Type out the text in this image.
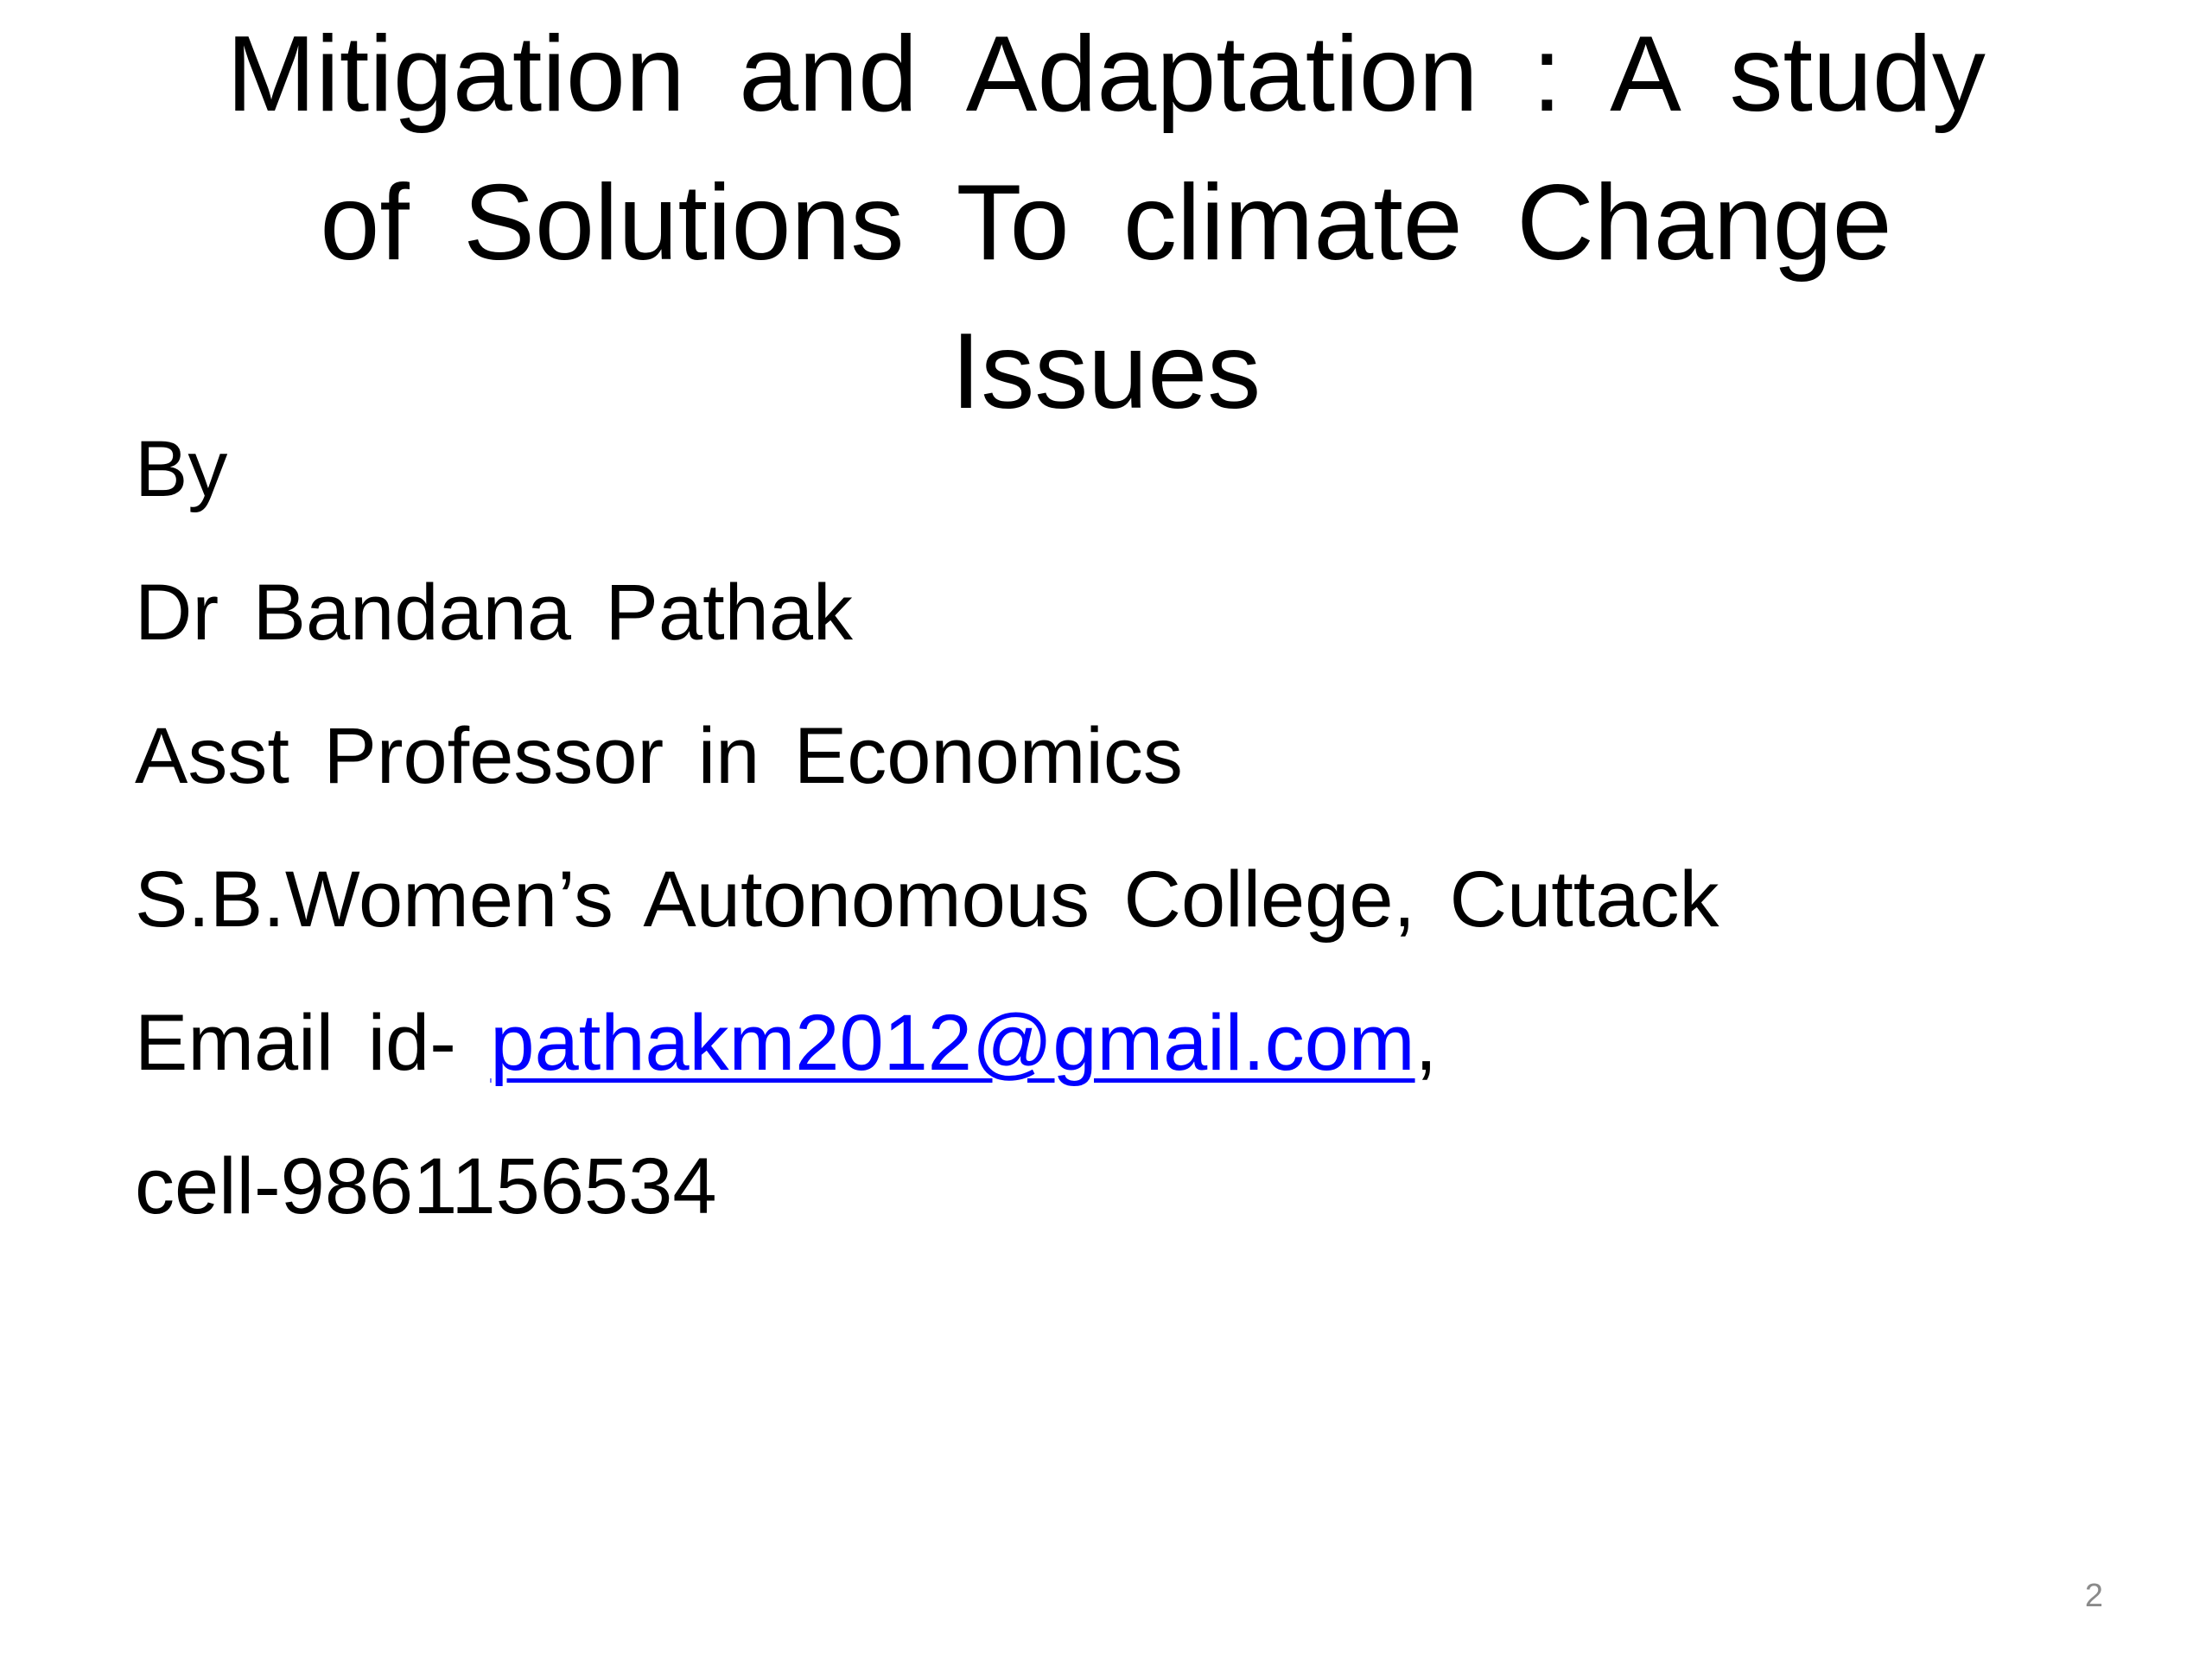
Mitigation and Adaptation : A study
of Solutions To climate Change
Issues
By
Dr Bandana Pathak
Asst Professor in Economics
S.B.Women’s Autonomous College, Cuttack
Email id- pathakm2012@gmail.com,
cell-9861156534
2
